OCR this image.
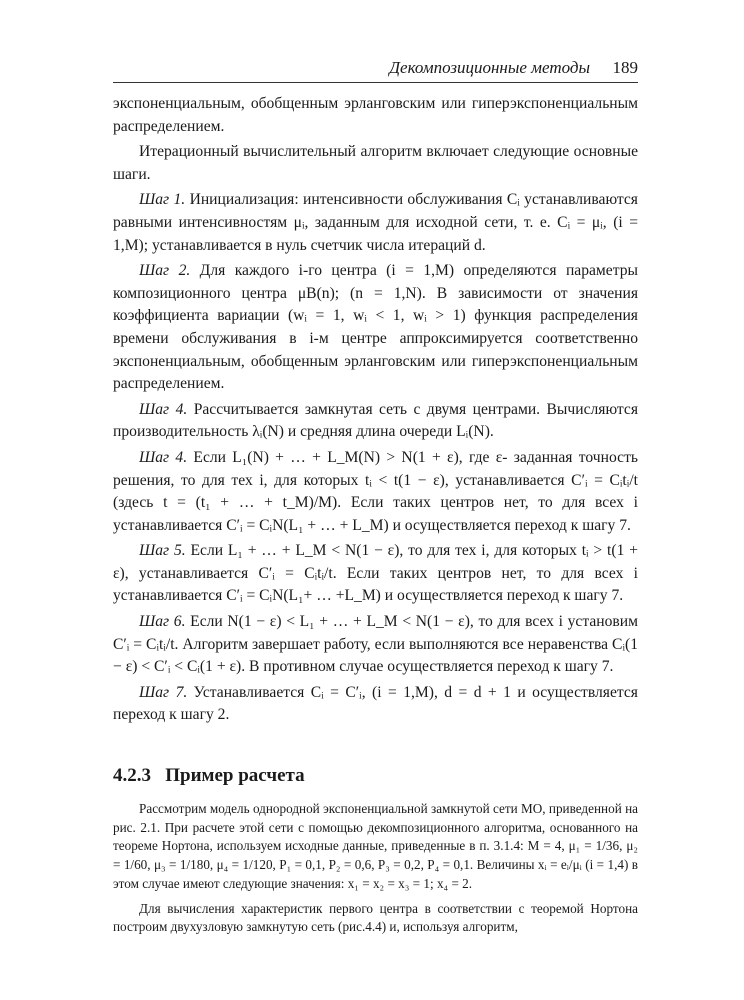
Декомпозиционные методы 189

экспоненциальным, обобщенным эрланговским или гиперэкспоненциальным распределением.

Итерационный вычислительный алгоритм включает следующие основные шаги.

Шаг 1. Инициализация: интенсивности обслуживания Cᵢ устанавливаются равными интенсивностям μᵢ, заданным для исходной сети, т. е. Cᵢ = μᵢ, (i = 1,M); устанавливается в нуль счетчик числа итераций d.

Шаг 2. Для каждого i-го центра (i = 1,M) определяются параметры композиционного центра μB(n); (n = 1,N). В зависимости от значения коэффициента вариации (wᵢ = 1, wᵢ < 1, wᵢ > 1) функция распределения времени обслуживания в i-м центре аппроксимируется соответственно экспоненциальным, обобщенным эрланговским или гиперэкспоненциальным распределением.

Шаг 4. Рассчитывается замкнутая сеть с двумя центрами. Вычисляются производительность λᵢ(N) и средняя длина очереди Lᵢ(N).

Шаг 4. Если L₁(N) + … + L_M(N) > N(1 + ε), где ε- заданная точность решения, то для тех i, для которых tᵢ < t(1 − ε), устанавливается C′ᵢ = Cᵢtᵢ/t (здесь t = (t₁ + … + t_M)/M). Если таких центров нет, то для всех i устанавливается C′ᵢ = CᵢN(L₁ + … + L_M) и осуществляется переход к шагу 7.

Шаг 5. Если L₁ + … + L_M < N(1 − ε), то для тех i, для которых tᵢ > t(1 + ε), устанавливается C′ᵢ = Cᵢtᵢ/t. Если таких центров нет, то для всех i устанавливается C′ᵢ = CᵢN(L₁+ … +L_M) и осуществляется переход к шагу 7.

Шаг 6. Если N(1 − ε) < L₁ + … + L_M < N(1 − ε), то для всех i установим C′ᵢ = Cᵢtᵢ/t. Алгоритм завершает работу, если выполняются все неравенства Cᵢ(1 − ε) < C′ᵢ < Cᵢ(1 + ε). В противном случае осуществляется переход к шагу 7.

Шаг 7. Устанавливается Cᵢ = C′ᵢ, (i = 1,M), d = d + 1 и осуществляется переход к шагу 2.

4.2.3 Пример расчета

Рассмотрим модель однородной экспоненциальной замкнутой сети МО, приведенной на рис. 2.1. При расчете этой сети с помощью декомпозиционного алгоритма, основанного на теореме Нортона, используем исходные данные, приведенные в п. 3.1.4: M = 4, μ₁ = 1/36, μ₂ = 1/60, μ₃ = 1/180, μ₄ = 1/120, P₁ = 0,1, P₂ = 0,6, P₃ = 0,2, P₄ = 0,1. Величины xᵢ = eᵢ/μᵢ (i = 1,4) в этом случае имеют следующие значения: x₁ = x₂ = x₃ = 1; x₄ = 2.

Для вычисления характеристик первого центра в соответствии с теоремой Нортона построим двухузловую замкнутую сеть (рис.4.4) и, используя алгоритм,
